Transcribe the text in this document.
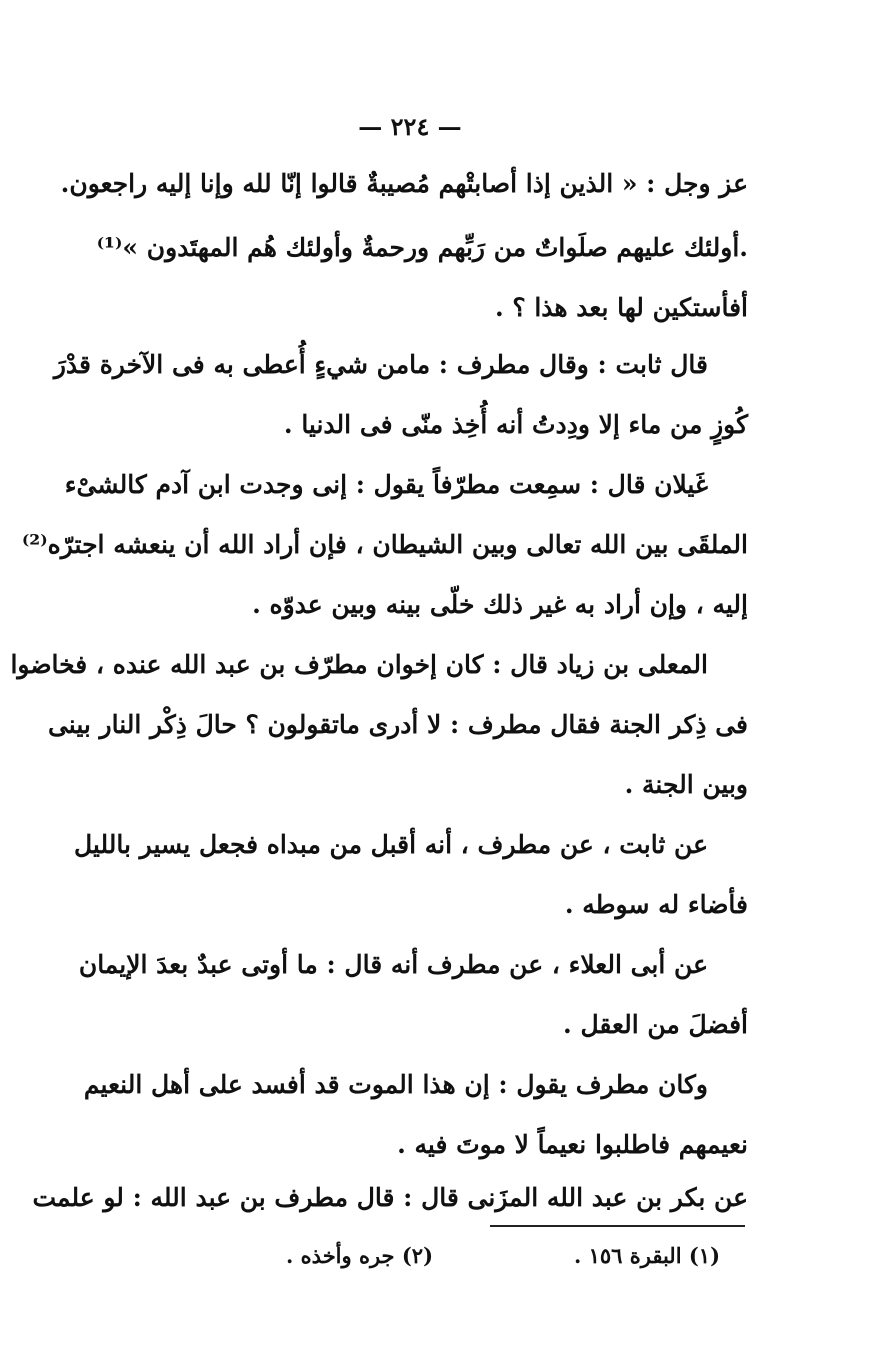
— ٢٢٤ —
عز وجل : « الذين إذا أصابتْهم مُصيبةٌ قالوا إنّا لله وإنا إليه راجعون.
.أولئك عليهم صلَواتٌ من رَبِّهم ورحمةٌ وأولئك هُم المهتَدون »⁽¹⁾
أفأستكين لها بعد هذا ؟ .
قال ثابت : وقال مطرف : مامن شيءٍ أُعطى به فى الآخرة قدْرَ
كُوزٍ من ماء إلا ودِدتُ أنه أُخِذ منّى فى الدنيا .
غَيلان قال : سمِعت مطرّفاً يقول : إنى وجدت ابن آدم كالشىْء
الملقَى بين الله تعالى وبين الشيطان ، فإن أراد الله أن ينعشه اجترّه⁽²⁾
إليه ، وإن أراد به غير ذلك خلّى بينه وبين عدوّه .
المعلى بن زياد قال : كان إخوان مطرّف بن عبد الله عنده ، فخاضوا
فى ذِكر الجنة فقال مطرف : لا أدرى ماتقولون ؟ حالَ ذِكْر النار بينى
وبين الجنة .
عن ثابت ، عن مطرف ، أنه أقبل من مبداه فجعل يسير بالليل
فأضاء له سوطه .
عن أبى العلاء ، عن مطرف أنه قال : ما أوتى عبدٌ بعدَ الإيمان
أفضلَ من العقل .
وكان مطرف يقول : إن هذا الموت قد أفسد على أهل النعيم
نعيمهم فاطلبوا نعيماً لا موتَ فيه .
عن بكر بن عبد الله المزَنى قال : قال مطرف بن عبد الله : لو علمت
(١) البقرة ١٥٦ .
(٢) جره وأخذه .
